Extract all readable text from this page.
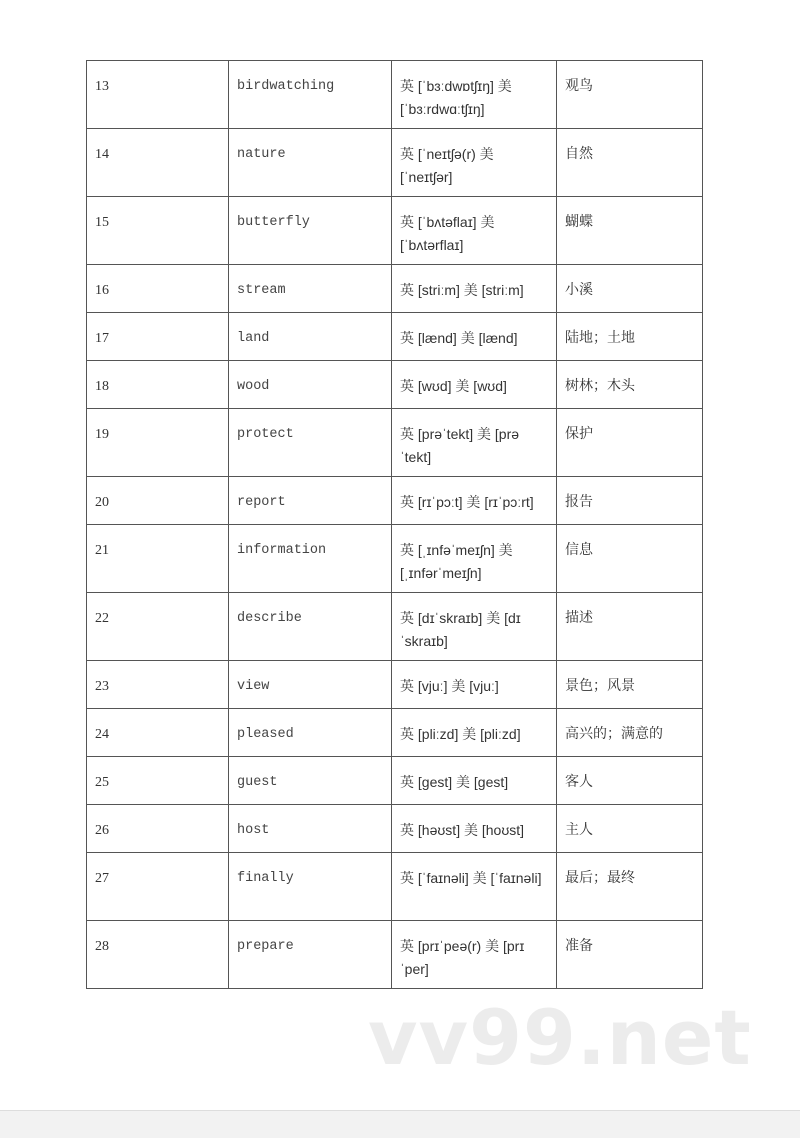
13	birdwatching	英 [ˈbɜːdwɒtʃɪŋ] 美 [ˈbɜːrdwɑːtʃɪŋ]	观鸟
14	nature	英 [ˈneɪtʃə(r) 美 [ˈneɪtʃər]	自然
15	butterfly	英 [ˈbʌtəflaɪ] 美 [ˈbʌtərflaɪ]	蝴蝶
16	stream	英 [striːm] 美 [striːm]	小溪
17	land	英 [lænd] 美 [lænd]	陆地；土地
18	wood	英 [wʊd] 美 [wʊd]	树林；木头
19	protect	英 [prəˈtekt] 美 [prəˈtekt]	保护
20	report	英 [rɪˈpɔːt] 美 [rɪˈpɔːrt]	报告
21	information	英 [ˌɪnfəˈmeɪʃn] 美 [ˌɪnfərˈmeɪʃn]	信息
22	describe	英 [dɪˈskraɪb] 美 [dɪˈskraɪb]	描述
23	view	英 [vjuː] 美 [vjuː]	景色；风景
24	pleased	英 [pliːzd] 美 [pliːzd]	高兴的；满意的
25	guest	英 [ɡest] 美 [ɡest]	客人
26	host	英 [həʊst] 美 [hoʊst]	主人
27	finally	英 [ˈfaɪnəli] 美 [ˈfaɪnəli]	最后；最终
28	prepare	英 [prɪˈpeə(r) 美 [prɪˈper]	准备
vv99.net
